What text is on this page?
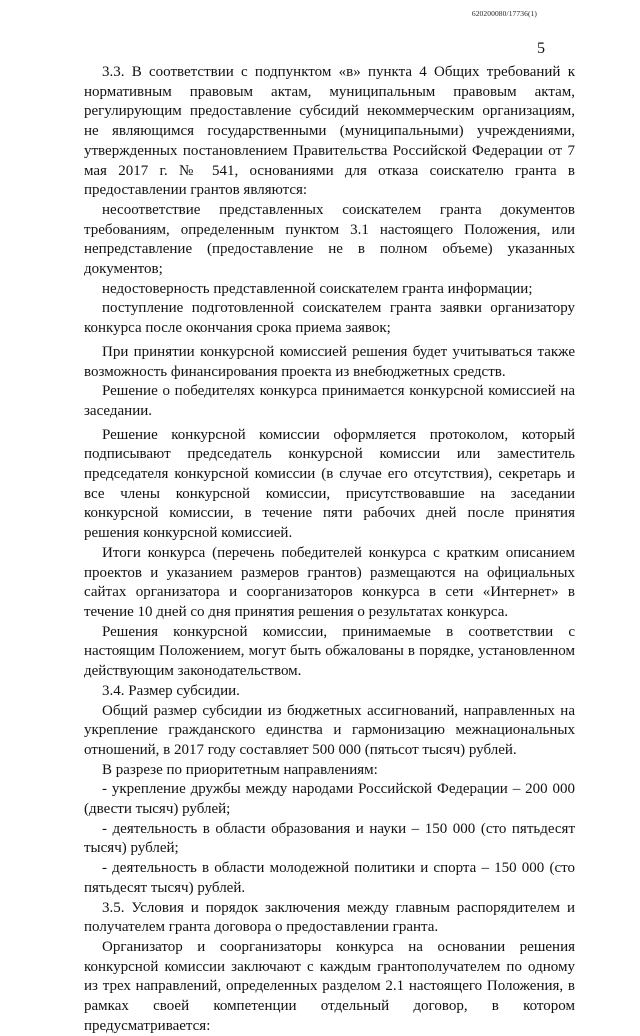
620200080/17736(1)
5

3.3. В соответствии с подпунктом «в» пункта 4 Общих требований к нормативным правовым актам, муниципальным правовым актам, регулирующим предоставление субсидий некоммерческим организациям, не являющимся государственными (муниципальными) учреждениями, утвержденных постановлением Правительства Российской Федерации от 7 мая 2017 г. № 541, основаниями для отказа соискателю гранта в предоставлении грантов являются:

несоответствие представленных соискателем гранта документов требованиям, определенным пунктом 3.1 настоящего Положения, или непредставление (предоставление не в полном объеме) указанных документов;

недостоверность представленной соискателем гранта информации;

поступление подготовленной соискателем гранта заявки организатору конкурса после окончания срока приема заявок;

При принятии конкурсной комиссией решения будет учитываться также возможность финансирования проекта из внебюджетных средств.

Решение о победителях конкурса принимается конкурсной комиссией на заседании.

Решение конкурсной комиссии оформляется протоколом, который подписывают председатель конкурсной комиссии или заместитель председателя конкурсной комиссии (в случае его отсутствия), секретарь и все члены конкурсной комиссии, присутствовавшие на заседании конкурсной комиссии, в течение пяти рабочих дней после принятия решения конкурсной комиссией.

Итоги конкурса (перечень победителей конкурса с кратким описанием проектов и указанием размеров грантов) размещаются на официальных сайтах организатора и соорганизаторов конкурса в сети «Интернет» в течение 10 дней со дня принятия решения о результатах конкурса.

Решения конкурсной комиссии, принимаемые в соответствии с настоящим Положением, могут быть обжалованы в порядке, установленном действующим законодательством.

3.4. Размер субсидии.

Общий размер субсидии из бюджетных ассигнований, направленных на укрепление гражданского единства и гармонизацию межнациональных отношений, в 2017 году составляет 500 000 (пятьсот тысяч) рублей.

В разрезе по приоритетным направлениям:

- укрепление дружбы между народами Российской Федерации – 200 000 (двести тысяч) рублей;

- деятельность в области образования и науки – 150 000 (сто пятьдесят тысяч) рублей;

- деятельность в области молодежной политики и спорта – 150 000 (сто пятьдесят тысяч) рублей.

3.5. Условия и порядок заключения между главным распорядителем и получателем гранта договора о предоставлении гранта.

Организатор и соорганизаторы конкурса на основании решения конкурсной комиссии заключают с каждым грантополучателем по одному из трех направлений, определенных разделом 2.1 настоящего Положения, в рамках своей компетенции отдельный договор, в котором предусматривается:
